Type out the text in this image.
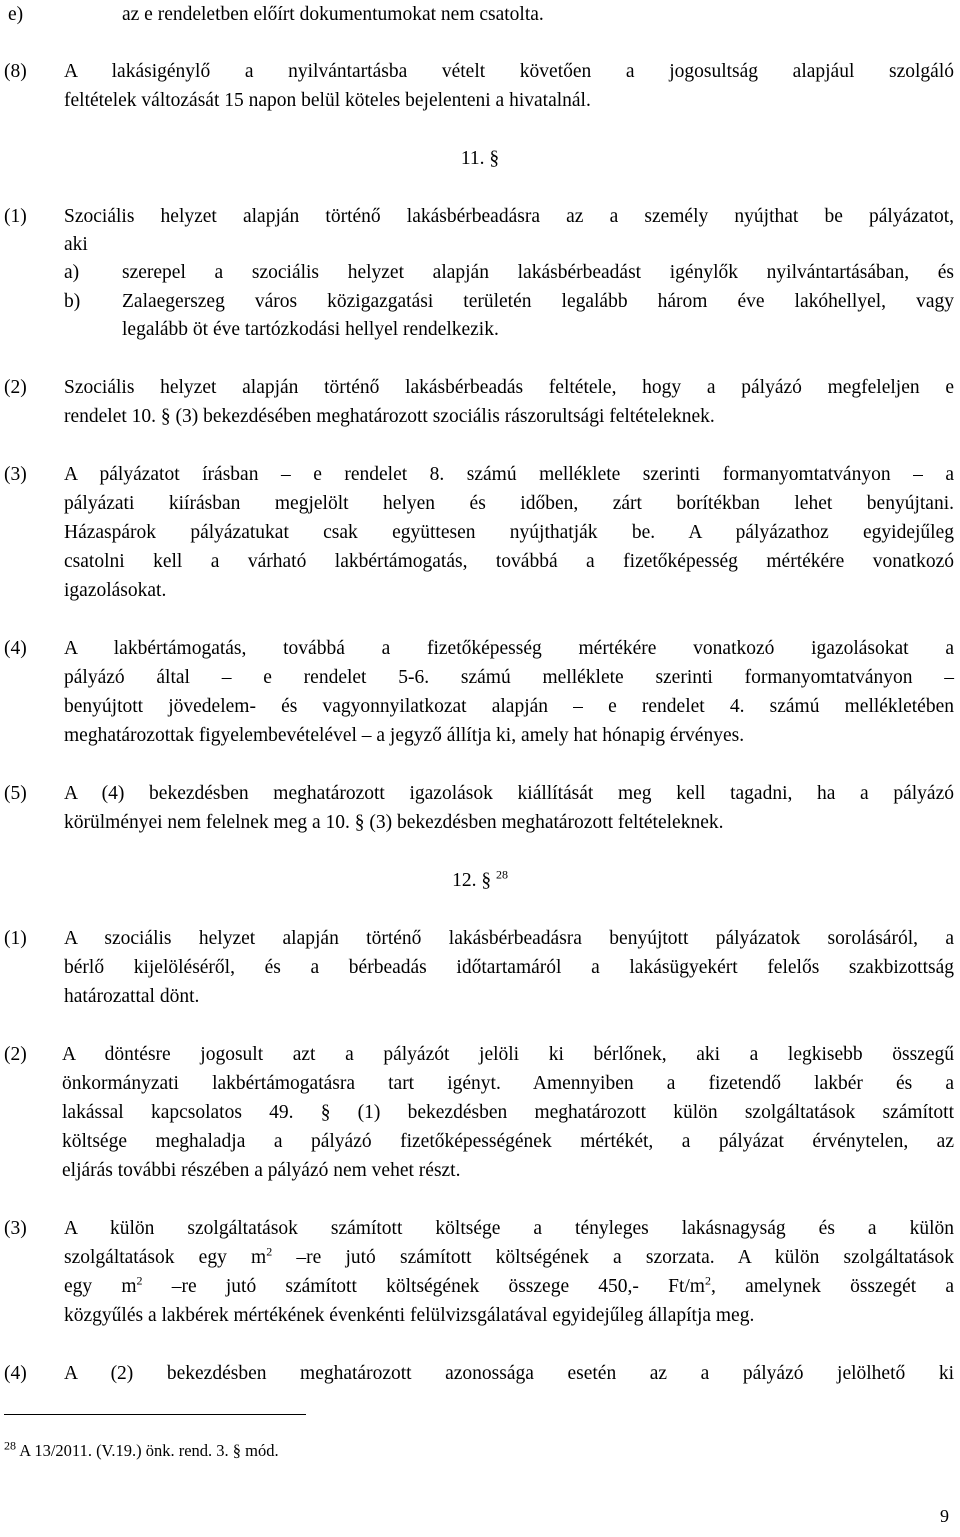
e)	az e rendeletben előírt dokumentumokat nem csatolta.
(8) A lakásigénylő a nyilvántartásba vételt követően a jogosultság alapjául szolgáló
feltételek változását 15 napon belül köteles bejelenteni a hivatalnál.
11. §
(1) Szociális helyzet alapján történő lakásbérbeadásra az a személy nyújthat be pályázatot,
aki
a) szerepel a szociális helyzet alapján lakásbérbeadást igénylők nyilvántartásában, és
b) Zalaegerszeg város közigazgatási területén legalább három éve lakóhellyel, vagy
legalább öt éve tartózkodási hellyel rendelkezik.
(2) Szociális helyzet alapján történő lakásbérbeadás feltétele, hogy a pályázó megfeleljen e
rendelet 10. § (3) bekezdésében meghatározott szociális rászorultsági feltételeknek.
(3) A pályázatot írásban – e rendelet 8. számú melléklete szerinti formanyomtatványon – a
pályázati kiírásban megjelölt helyen és időben, zárt borítékban lehet benyújtani.
Házaspárok pályázatukat csak együttesen nyújthatják be. A pályázathoz egyidejűleg
csatolni kell a várható lakbértámogatás, továbbá a fizetőképesség mértékére vonatkozó
igazolásokat.
(4) A lakbértámogatás, továbbá a fizetőképesség mértékére vonatkozó igazolásokat a
pályázó által – e rendelet 5-6. számú melléklete szerinti formanyomtatványon –
benyújtott jövedelem- és vagyonnyilatkozat alapján – e rendelet 4. számú mellékletében
meghatározottak figyelembevételével – a jegyző állítja ki, amely hat hónapig érvényes.
(5) A (4) bekezdésben meghatározott igazolások kiállítását meg kell tagadni, ha a pályázó
körülményei nem felelnek meg a 10. § (3) bekezdésben meghatározott feltételeknek.
12. § $^{28}$
(1) A szociális helyzet alapján történő lakásbérbeadásra benyújtott pályázatok sorolásáról, a
bérlő kijelöléséről, és a bérbeadás időtartamáról a lakásügyekért felelős szakbizottság
határozattal dönt.
(2) A döntésre jogosult azt a pályázót jelöli ki bérlőnek, aki a legkisebb összegű
önkormányzati lakbértámogatásra tart igényt. Amennyiben a fizetendő lakbér és a
lakással kapcsolatos 49. § (1) bekezdésben meghatározott külön szolgáltatások számított
költsége meghaladja a pályázó fizetőképességének mértékét, a pályázat érvénytelen, az
eljárás további részében a pályázó nem vehet részt.
(3) A külön szolgáltatások számított költsége a tényleges lakásnagyság és a külön
szolgáltatások egy $m^2$ –re jutó számított költségének a szorzata. A külön szolgáltatások
egy $m^2$ –re jutó számított költségének összege 450,- $Ft/m^2$, amelynek összegét a
közgyűlés a lakbérek mértékének évenkénti felülvizsgálatával egyidejűleg állapítja meg.
(4) A (2) bekezdésben meghatározott azonossága esetén az a pályázó jelölhető ki
$^{28}$ A 13/2011. (V.19.) önk. rend. 3. § mód.
9
